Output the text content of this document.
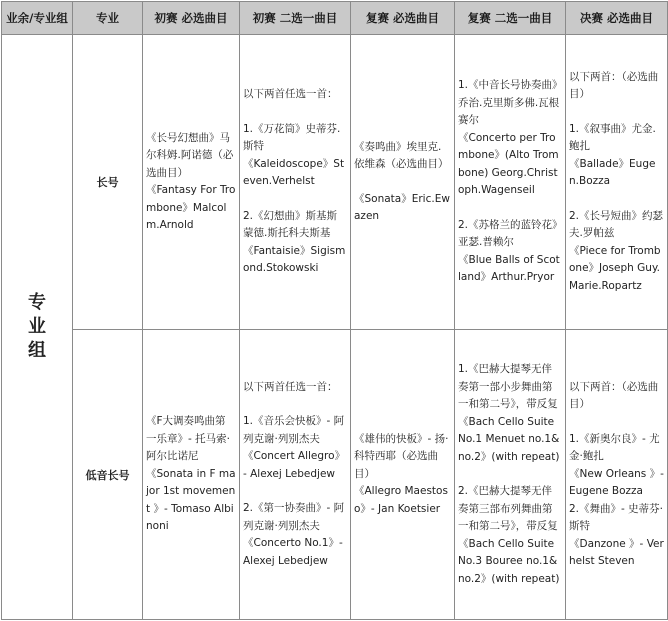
业余/专业组	专业	初赛 必选曲目	初赛 二选一曲目	复赛 必选曲目	复赛 二选一曲目	决赛 必选曲目

专
业
组	长号	《长号幻想曲》马尔科姆.阿诺德（必选曲目）
《Fantasy For Trombone》Malcolm.Arnold	以下两首任选一首：
1.《万花筒》史蒂芬.斯特
《Kaleidoscope》Steven.Verhelst
2.《幻想曲》斯基斯蒙德.斯托科夫斯基
《Fantaisie》Sigismond.Stokowski	《奏鸣曲》埃里克.依维森（必选曲目）
《Sonata》Eric.Ewazen	1.《中音长号协奏曲》乔治.克里斯多佛.瓦根赛尔
《Concerto per Trombone》(Alto Trombone) Georg.Christoph.Wagenseil
2.《苏格兰的蓝铃花》亚瑟.普赖尔
《Blue Balls of Scotland》Arthur.Pryor	以下两首：（必选曲目）
1.《叙事曲》尤金.鲍扎
《Ballade》Eugen.Bozza
2.《长号短曲》约瑟夫.罗帕兹
《Piece for Trombone》Joseph Guy.Marie.Ropartz

	低音长号	《F大调奏鸣曲第一乐章》- 托马索·阿尔比诺尼
《Sonata in F major 1st movement 》- Tomaso Albinoni	以下两首任选一首：
1.《音乐会快板》- 阿列克谢·列别杰夫
《Concert Allegro》- Alexej Lebedjew
2.《第一协奏曲》- 阿列克谢·列别杰夫
《Concerto No.1》- Alexej Lebedjew	《雄伟的快板》- 扬·科特西耶（必选曲目）
《Allegro Maestoso》- Jan Koetsier	1.《巴赫大提琴无伴奏第一部小步舞曲第一和第二号》，带反复
《Bach Cello Suite No.1 Menuet no.1&no.2》(with repeat)
2.《巴赫大提琴无伴奏第三部布列舞曲第一和第二号》，带反复
《Bach Cello Suite No.3 Bouree no.1&no.2》(with repeat)	以下两首：（必选曲目）
1.《新奥尔良》- 尤金·鲍扎
《New Orleans 》- Eugene Bozza
2.《舞曲》- 史蒂芬·斯特
《Danzone 》- Verhelst Steven
